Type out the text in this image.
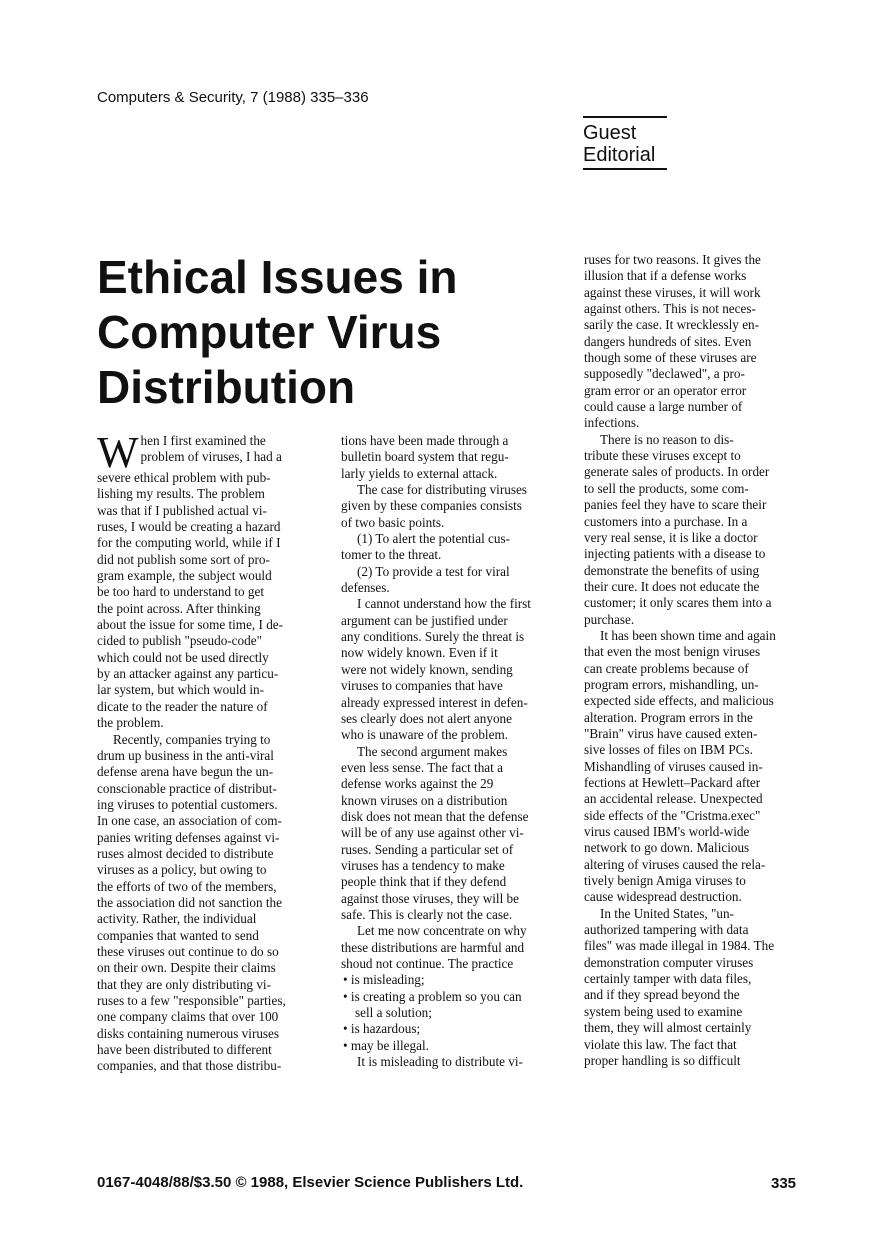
Computers & Security, 7 (1988) 335–336
Guest
Editorial
Ethical Issues in
Computer Virus
Distribution
W hen I first examined the
problem of viruses, I had a
severe ethical problem with pub-
lishing my results. The problem
was that if I published actual vi-
ruses, I would be creating a hazard
for the computing world, while if I
did not publish some sort of pro-
gram example, the subject would
be too hard to understand to get
the point across. After thinking
about the issue for some time, I de-
cided to publish "pseudo-code"
which could not be used directly
by an attacker against any particu-
lar system, but which would in-
dicate to the reader the nature of
the problem.
Recently, companies trying to
drum up business in the anti-viral
defense arena have begun the un-
conscionable practice of distribut-
ing viruses to potential customers.
In one case, an association of com-
panies writing defenses against vi-
ruses almost decided to distribute
viruses as a policy, but owing to
the efforts of two of the members,
the association did not sanction the
activity. Rather, the individual
companies that wanted to send
these viruses out continue to do so
on their own. Despite their claims
that they are only distributing vi-
ruses to a few "responsible" parties,
one company claims that over 100
disks containing numerous viruses
have been distributed to different
companies, and that those distribu-
tions have been made through a
bulletin board system that regu-
larly yields to external attack.
The case for distributing viruses
given by these companies consists
of two basic points.
(1) To alert the potential cus-
tomer to the threat.
(2) To provide a test for viral
defenses.
I cannot understand how the first
argument can be justified under
any conditions. Surely the threat is
now widely known. Even if it
were not widely known, sending
viruses to companies that have
already expressed interest in defen-
ses clearly does not alert anyone
who is unaware of the problem.
The second argument makes
even less sense. The fact that a
defense works against the 29
known viruses on a distribution
disk does not mean that the defense
will be of any use against other vi-
ruses. Sending a particular set of
viruses has a tendency to make
people think that if they defend
against those viruses, they will be
safe. This is clearly not the case.
Let me now concentrate on why
these distributions are harmful and
shoud not continue. The practice
• is misleading;
• is creating a problem so you can
sell a solution;
• is hazardous;
• may be illegal.
It is misleading to distribute vi-
ruses for two reasons. It gives the
illusion that if a defense works
against these viruses, it will work
against others. This is not neces-
sarily the case. It wrecklessly en-
dangers hundreds of sites. Even
though some of these viruses are
supposedly "declawed", a pro-
gram error or an operator error
could cause a large number of
infections.
There is no reason to dis-
tribute these viruses except to
generate sales of products. In order
to sell the products, some com-
panies feel they have to scare their
customers into a purchase. In a
very real sense, it is like a doctor
injecting patients with a disease to
demonstrate the benefits of using
their cure. It does not educate the
customer; it only scares them into a
purchase.
It has been shown time and again
that even the most benign viruses
can create problems because of
program errors, mishandling, un-
expected side effects, and malicious
alteration. Program errors in the
"Brain" virus have caused exten-
sive losses of files on IBM PCs.
Mishandling of viruses caused in-
fections at Hewlett–Packard after
an accidental release. Unexpected
side effects of the "Cristma.exec"
virus caused IBM's world-wide
network to go down. Malicious
altering of viruses caused the rela-
tively benign Amiga viruses to
cause widespread destruction.
In the United States, "un-
authorized tampering with data
files" was made illegal in 1984. The
demonstration computer viruses
certainly tamper with data files,
and if they spread beyond the
system being used to examine
them, they will almost certainly
violate this law. The fact that
proper handling is so difficult
0167-4048/88/$3.50 © 1988, Elsevier Science Publishers Ltd.	335
